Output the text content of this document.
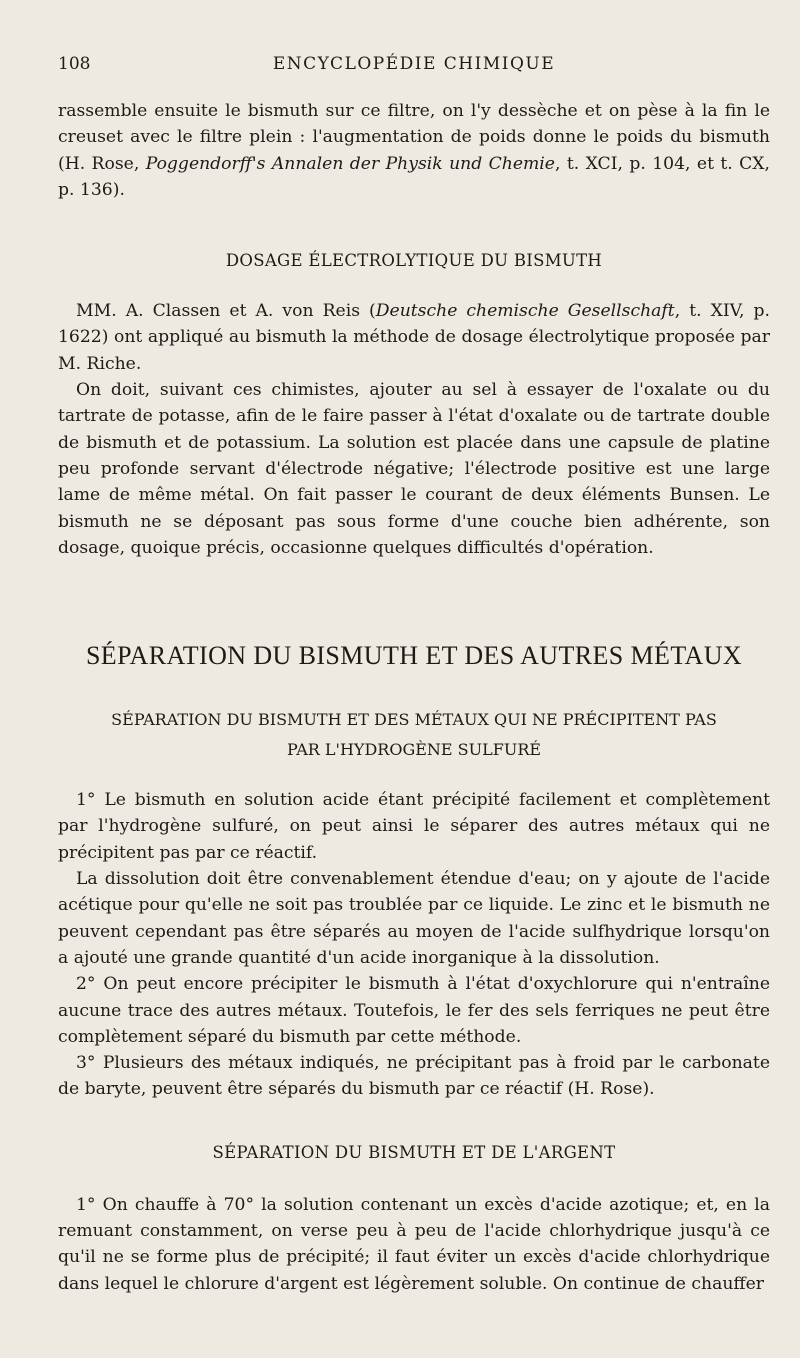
108	ENCYCLOPÉDIE CHIMIQUE

rassemble ensuite le bismuth sur ce filtre, on l'y dessèche et on pèse à la fin le creuset avec le filtre plein : l'augmentation de poids donne le poids du bismuth (H. Rose, Poggendorff's Annalen der Physik und Chemie, t. XCI, p. 104, et t. CX, p. 136).

DOSAGE ÉLECTROLYTIQUE DU BISMUTH

MM. A. Classen et A. von Reis (Deutsche chemische Gesellschaft, t. XIV, p. 1622) ont appliqué au bismuth la méthode de dosage électrolytique proposée par M. Riche.

On doit, suivant ces chimistes, ajouter au sel à essayer de l'oxalate ou du tartrate de potasse, afin de le faire passer à l'état d'oxalate ou de tartrate double de bismuth et de potassium. La solution est placée dans une capsule de platine peu profonde servant d'électrode négative; l'électrode positive est une large lame de même métal. On fait passer le courant de deux éléments Bunsen. Le bismuth ne se déposant pas sous forme d'une couche bien adhérente, son dosage, quoique précis, occasionne quelques difficultés d'opération.

SÉPARATION DU BISMUTH ET DES AUTRES MÉTAUX
SÉPARATION DU BISMUTH ET DES MÉTAUX QUI NE PRÉCIPITENT PAS
PAR L'HYDROGÈNE SULFURÉ

1° Le bismuth en solution acide étant précipité facilement et complètement par l'hydrogène sulfuré, on peut ainsi le séparer des autres métaux qui ne précipitent pas par ce réactif.

La dissolution doit être convenablement étendue d'eau; on y ajoute de l'acide acétique pour qu'elle ne soit pas troublée par ce liquide. Le zinc et le bismuth ne peuvent cependant pas être séparés au moyen de l'acide sulfhydrique lorsqu'on a ajouté une grande quantité d'un acide inorganique à la dissolution.

2° On peut encore précipiter le bismuth à l'état d'oxychlorure qui n'entraîne aucune trace des autres métaux. Toutefois, le fer des sels ferriques ne peut être complètement séparé du bismuth par cette méthode.

3° Plusieurs des métaux indiqués, ne précipitant pas à froid par le carbonate de baryte, peuvent être séparés du bismuth par ce réactif (H. Rose).

SÉPARATION DU BISMUTH ET DE L'ARGENT

1° On chauffe à 70° la solution contenant un excès d'acide azotique; et, en la remuant constamment, on verse peu à peu de l'acide chlorhydrique jusqu'à ce qu'il ne se forme plus de précipité; il faut éviter un excès d'acide chlorhydrique dans lequel le chlorure d'argent est légèrement soluble. On continue de chauffer
